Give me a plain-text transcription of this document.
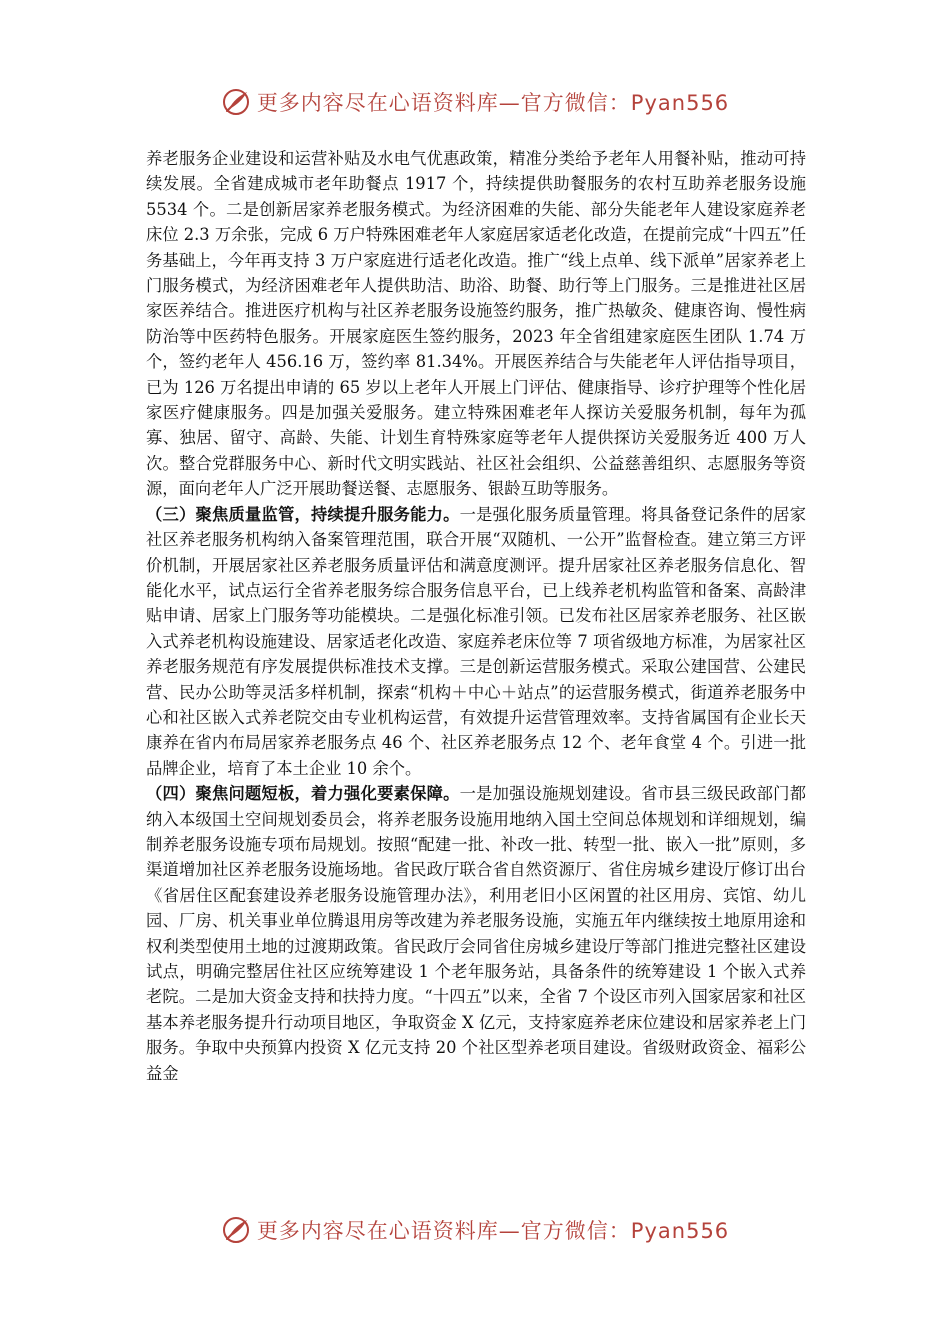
更多内容尽在心语资料库—官方微信：Pyan556

养老服务企业建设和运营补贴及水电气优惠政策，精准分类给予老年人用餐补贴，推动可持续发展。全省建成城市老年助餐点 1917 个，持续提供助餐服务的农村互助养老服务设施 5534 个。二是创新居家养老服务模式。为经济困难的失能、部分失能老年人建设家庭养老床位 2.3 万余张，完成 6 万户特殊困难老年人家庭居家适老化改造，在提前完成“十四五”任务基础上，今年再支持 3 万户家庭进行适老化改造。推广“线上点单、线下派单”居家养老上门服务模式，为经济困难老年人提供助洁、助浴、助餐、助行等上门服务。三是推进社区居家医养结合。推进医疗机构与社区养老服务设施签约服务，推广热敏灸、健康咨询、慢性病防治等中医药特色服务。开展家庭医生签约服务，2023 年全省组建家庭医生团队 1.74 万个，签约老年人 456.16 万，签约率 81.34%。开展医养结合与失能老年人评估指导项目，已为 126 万名提出申请的 65 岁以上老年人开展上门评估、健康指导、诊疗护理等个性化居家医疗健康服务。四是加强关爱服务。建立特殊困难老年人探访关爱服务机制，每年为孤寡、独居、留守、高龄、失能、计划生育特殊家庭等老年人提供探访关爱服务近 400 万人次。整合党群服务中心、新时代文明实践站、社区社会组织、公益慈善组织、志愿服务等资源，面向老年人广泛开展助餐送餐、志愿服务、银龄互助等服务。

（三）聚焦质量监管，持续提升服务能力。一是强化服务质量管理。将具备登记条件的居家社区养老服务机构纳入备案管理范围，联合开展“双随机、一公开”监督检查。建立第三方评价机制，开展居家社区养老服务质量评估和满意度测评。提升居家社区养老服务信息化、智能化水平，试点运行全省养老服务综合服务信息平台，已上线养老机构监管和备案、高龄津贴申请、居家上门服务等功能模块。二是强化标准引领。已发布社区居家养老服务、社区嵌入式养老机构设施建设、居家适老化改造、家庭养老床位等 7 项省级地方标准，为居家社区养老服务规范有序发展提供标准技术支撑。三是创新运营服务模式。采取公建国营、公建民营、民办公助等灵活多样机制，探索“机构＋中心＋站点”的运营服务模式，街道养老服务中心和社区嵌入式养老院交由专业机构运营，有效提升运营管理效率。支持省属国有企业长天康养在省内布局居家养老服务点 46 个、社区养老服务点 12 个、老年食堂 4 个。引进一批品牌企业，培育了本土企业 10 余个。

（四）聚焦问题短板，着力强化要素保障。一是加强设施规划建设。省市县三级民政部门都纳入本级国土空间规划委员会，将养老服务设施用地纳入国土空间总体规划和详细规划，编制养老服务设施专项布局规划。按照“配建一批、补改一批、转型一批、嵌入一批”原则，多渠道增加社区养老服务设施场地。省民政厅联合省自然资源厅、省住房城乡建设厅修订出台《省居住区配套建设养老服务设施管理办法》，利用老旧小区闲置的社区用房、宾馆、幼儿园、厂房、机关事业单位腾退用房等改建为养老服务设施，实施五年内继续按土地原用途和权利类型使用土地的过渡期政策。省民政厅会同省住房城乡建设厅等部门推进完整社区建设试点，明确完整居住社区应统筹建设 1 个老年服务站，具备条件的统筹建设 1 个嵌入式养老院。二是加大资金支持和扶持力度。“十四五”以来，全省 7 个设区市列入国家居家和社区基本养老服务提升行动项目地区，争取资金 X 亿元，支持家庭养老床位建设和居家养老上门服务。争取中央预算内投资 X 亿元支持 20 个社区型养老项目建设。省级财政资金、福彩公益金

更多内容尽在心语资料库—官方微信：Pyan556
